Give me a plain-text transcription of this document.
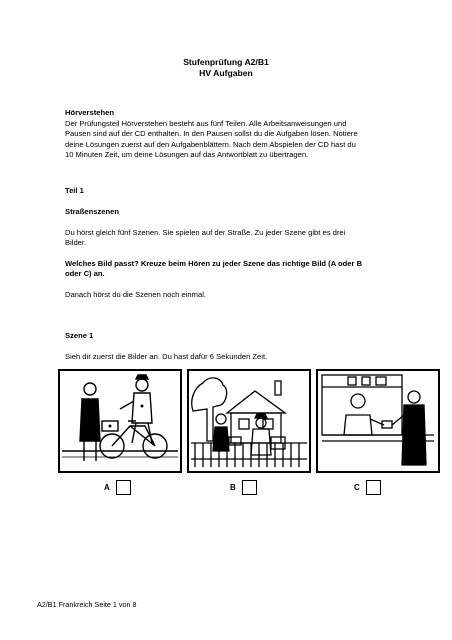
Stufenprüfung A2/B1
HV Aufgaben
Hörverstehen
Der Prüfungsteil Hörverstehen besteht aus fünf Teilen. Alle Arbeitsanweisungen und
Pausen sind auf der CD enthalten. In den Pausen sollst du die Aufgaben lösen. Notiere
deine Lösungen zuerst auf den Aufgabenblättern. Nach dem Abspielen der CD hast du
10 Minuten Zeit, um deine Lösungen auf das Antwortblatt zu übertragen.
Teil 1
Straßenszenen
Du hörst gleich fünf Szenen. Sie spielen auf der Straße. Zu jeder Szene gibt es drei
Bilder.
Welches Bild passt? Kreuze beim Hören zu jeder Szene das richtige Bild (A oder B
oder C) an.
Danach hörst du die Szenen noch einmal.
Szene 1
Sieh dir zuerst die Bilder an. Du hast dafür 6 Sekunden Zeit.
A	B	C
A2/B1 Frankreich Seite 1 von 8
